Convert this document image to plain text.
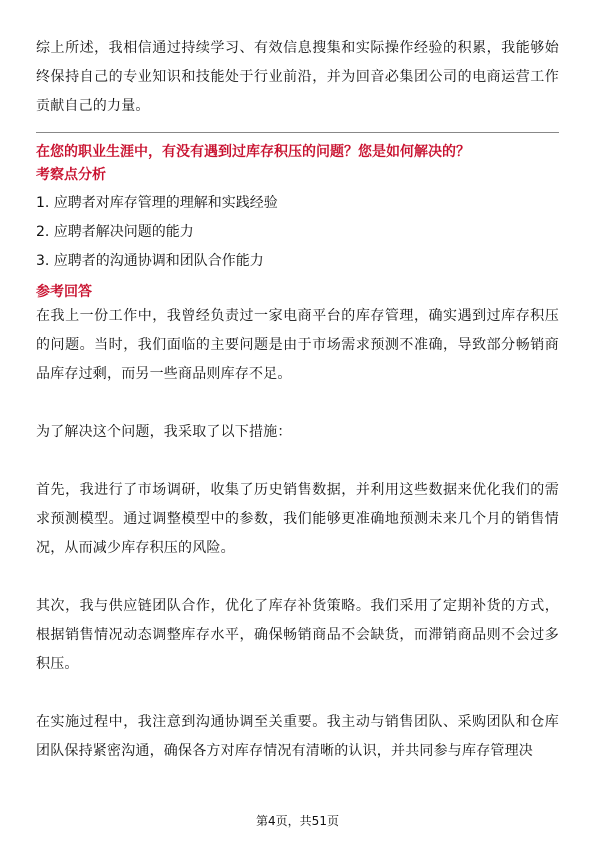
综上所述，我相信通过持续学习、有效信息搜集和实际操作经验的积累，我能够始终保持自己的专业知识和技能处于行业前沿，并为回音必集团公司的电商运营工作贡献自己的力量。

在您的职业生涯中，有没有遇到过库存积压的问题？您是如何解决的？
考察点分析
1. 应聘者对库存管理的理解和实践经验
2. 应聘者解决问题的能力
3. 应聘者的沟通协调和团队合作能力
参考回答

在我上一份工作中，我曾经负责过一家电商平台的库存管理，确实遇到过库存积压的问题。当时，我们面临的主要问题是由于市场需求预测不准确，导致部分畅销商品库存过剩，而另一些商品则库存不足。

为了解决这个问题，我采取了以下措施：

首先，我进行了市场调研，收集了历史销售数据，并利用这些数据来优化我们的需求预测模型。通过调整模型中的参数，我们能够更准确地预测未来几个月的销售情况，从而减少库存积压的风险。

其次，我与供应链团队合作，优化了库存补货策略。我们采用了定期补货的方式，根据销售情况动态调整库存水平，确保畅销商品不会缺货，而滞销商品则不会过多积压。

在实施过程中，我注意到沟通协调至关重要。我主动与销售团队、采购团队和仓库团队保持紧密沟通，确保各方对库存情况有清晰的认识，并共同参与库存管理决

第4页，共51页
